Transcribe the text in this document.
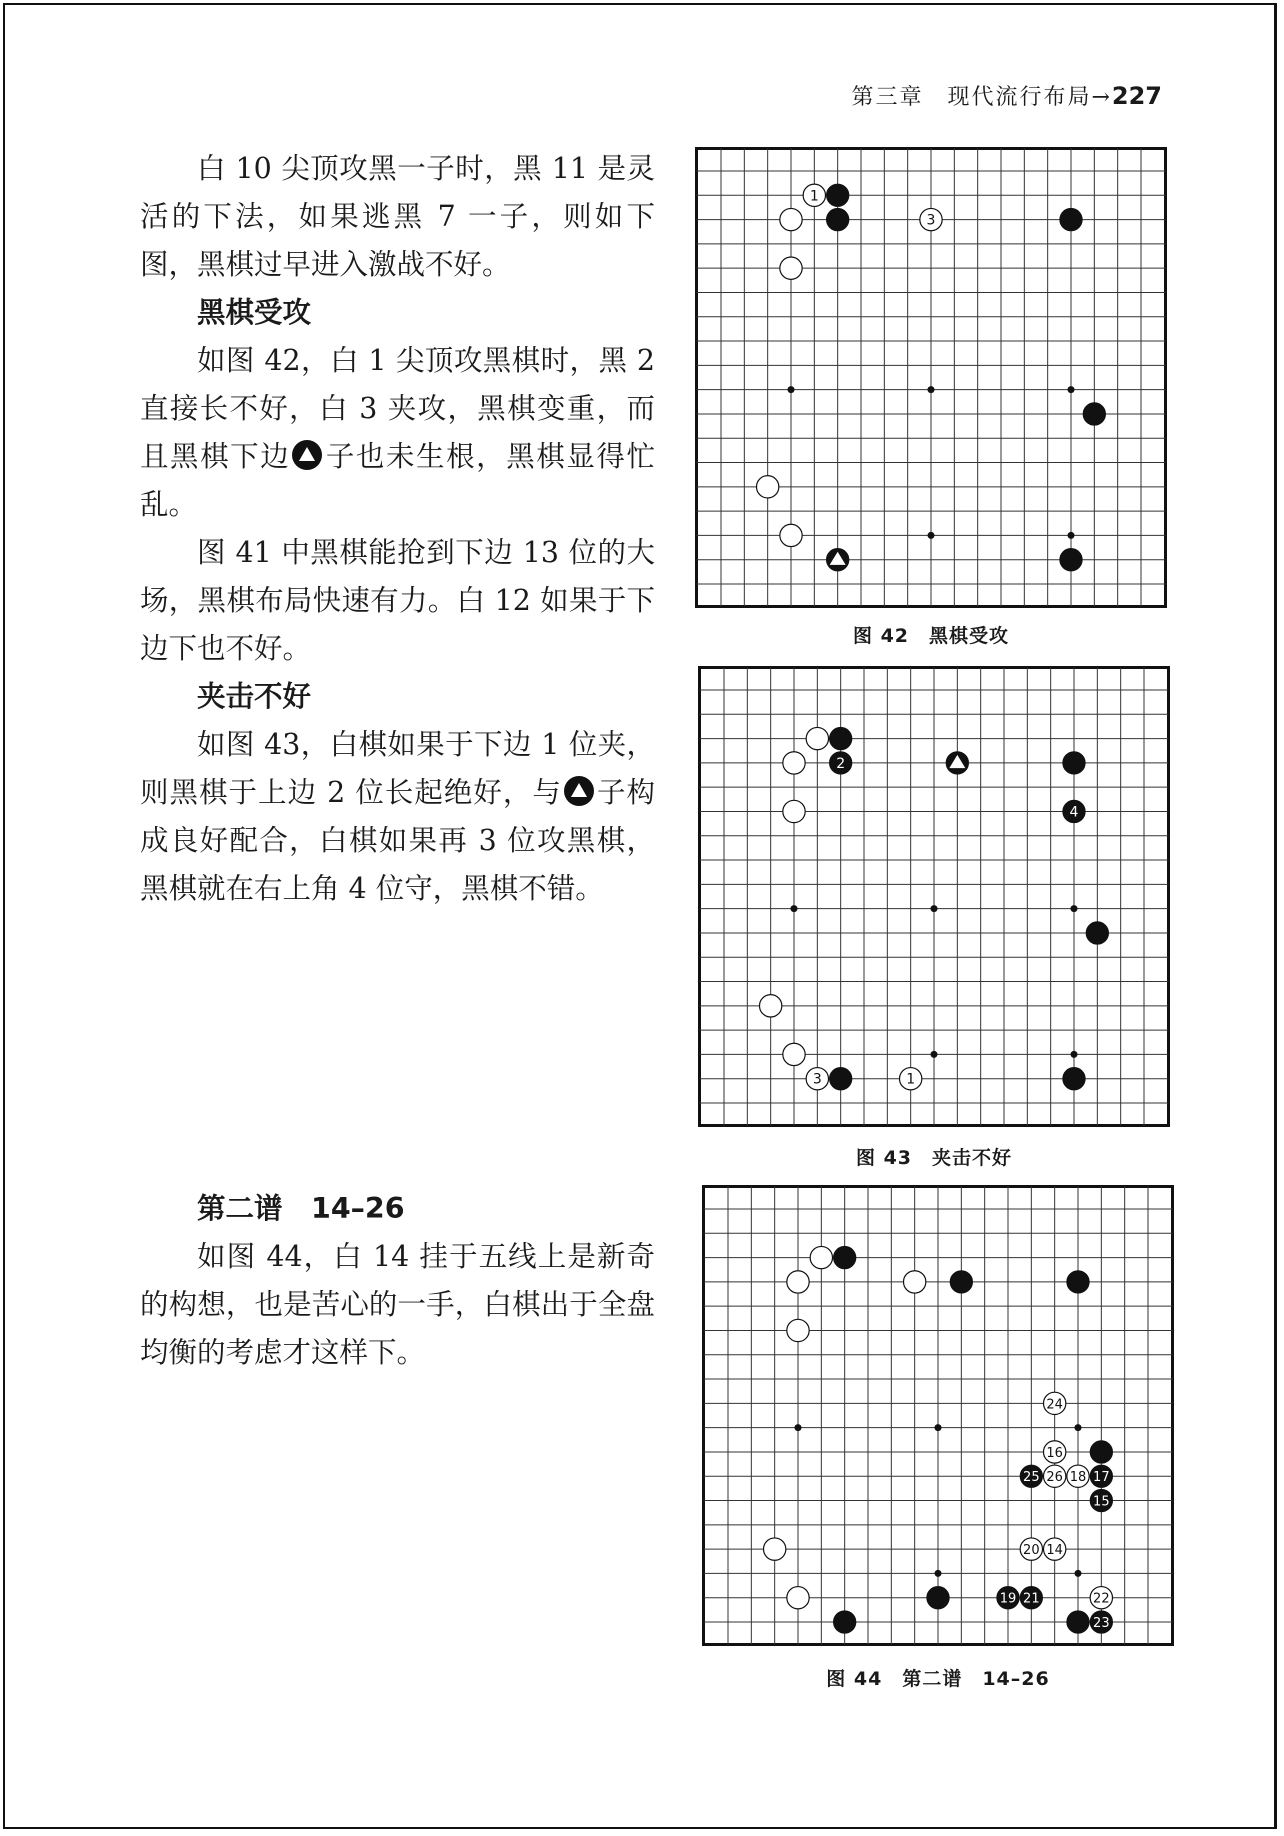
第三章　现代流行布局→227

白 10 尖顶攻黑一子时，黑 11 是灵活的下法，如果逃黑 7 一子，则如下图，黑棋过早进入激战不好。

黑棋受攻

如图 42，白 1 尖顶攻黑棋时，黑 2 直接长不好，白 3 夹攻，黑棋变重，而且黑棋下边 子也未生根，黑棋显得忙乱。

图 41 中黑棋能抢到下边 13 位的大场，黑棋布局快速有力。白 12 如果于下边下也不好。

夹击不好

如图 43，白棋如果于下边 1 位夹，则黑棋于上边 2 位长起绝好，与 子构成良好配合，白棋如果再 3 位攻黑棋，黑棋就在右上角 4 位守，黑棋不错。

第二谱　14–26

如图 44，白 14 挂于五线上是新奇的构想，也是苦心的一手，白棋出于全盘均衡的考虑才这样下。

1
3
图 42　黑棋受攻
2
4
3	1
图 43　夹击不好
24
16
25 26 18 17
15
20 14
19 21	22
23
图 44　第二谱　14–26
